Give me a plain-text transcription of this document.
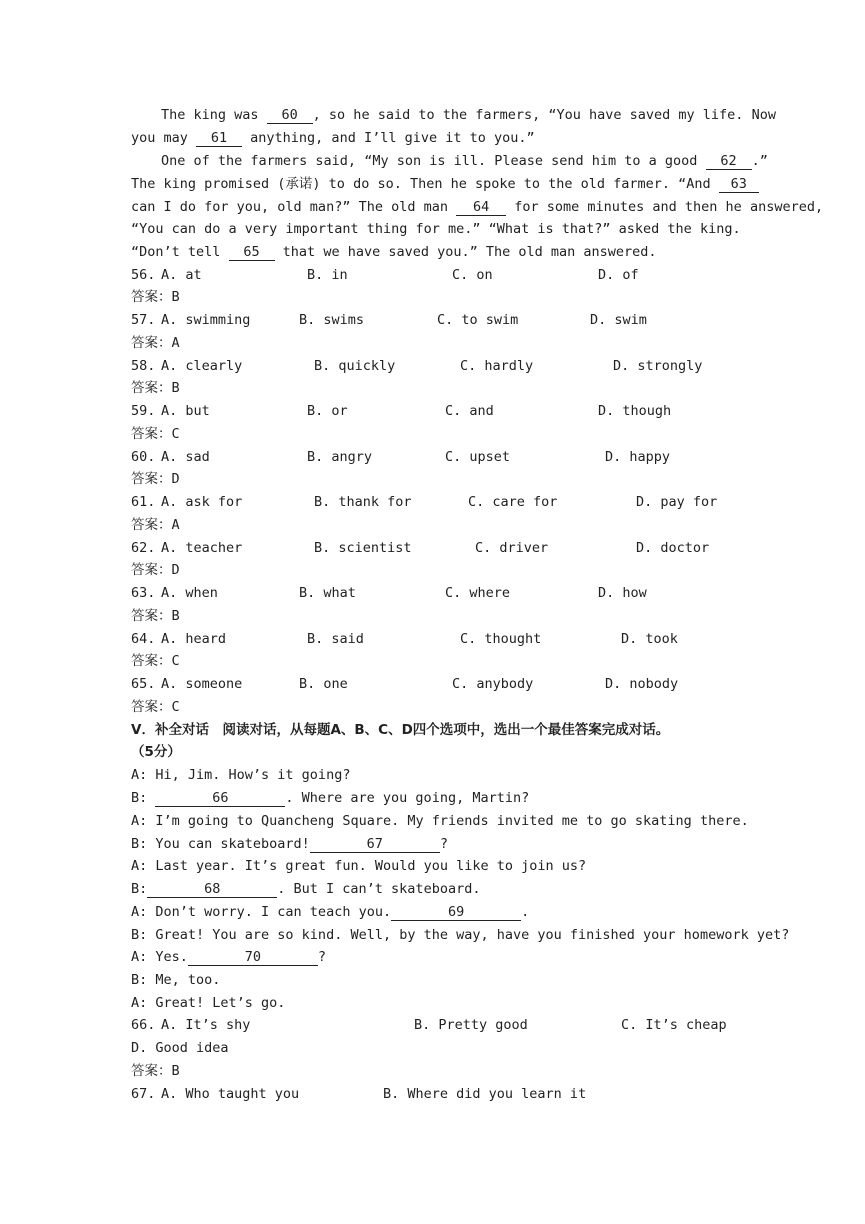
The king was 60 , so he said to the farmers, “You have saved my life. Now
you may 61 anything, and I’ll give it to you.”
One of the farmers said, “My son is ill. Please send him to a good 62 .”
The king promised (承诺) to do so. Then he spoke to the old farmer. “And 63
can I do for you, old man?” The old man 64 for some minutes and then he answered,
“You can do a very important thing for me.” “What is that?” asked the king.
“Don’t tell 65 that we have saved you.” The old man answered.

56.

A. at

	B. in

	C. on

	D. of

答案：B

57.

A. swimming

	B. swims

	C. to swim

	D. swim

答案：A

58.

A. clearly

	B. quickly

	C. hardly

	D. strongly

答案：B

59.

A. but

	B. or

	C. and

	D. though

答案：C

60.

A. sad

	B. angry

	C. upset

	D. happy

答案：D

61.

A. ask for

	B. thank for

	C. care for

	D. pay for

答案：A

62.

A. teacher

	B. scientist

	C. driver

	D. doctor

答案：D

63.

A. when

	B. what

	C. where

	D. how

答案：B

64.

A. heard

	B. said

	C. thought

	D. took

答案：C

65.

A. someone

	B. one

	C. anybody

	D. nobody

答案：C
V．补全对话　阅读对话，从每题A、B、C、D四个选项中，选出一个最佳答案完成对话。
（5分）
A: Hi, Jim. How’s it going?
B:	66	. Where are you going, Martin?
A: I’m going to Quancheng Square. My friends invited me to go skating there.
B: You can skateboard!	67	?
A: Last year. It’s great fun. Would you like to join us?
B:	68	. But I can’t skateboard.
A: Don’t worry. I can teach you.	69	.
B: Great! You are so kind. Well, by the way, have you finished your homework yet?
A: Yes.	70	?
B: Me, too.
A: Great! Let’s go.

66.

A. It’s shy

	B. Pretty good

	C. It’s cheap

D. Good idea
答案：B

67.

A. Who taught you

	B. Where did you learn it
